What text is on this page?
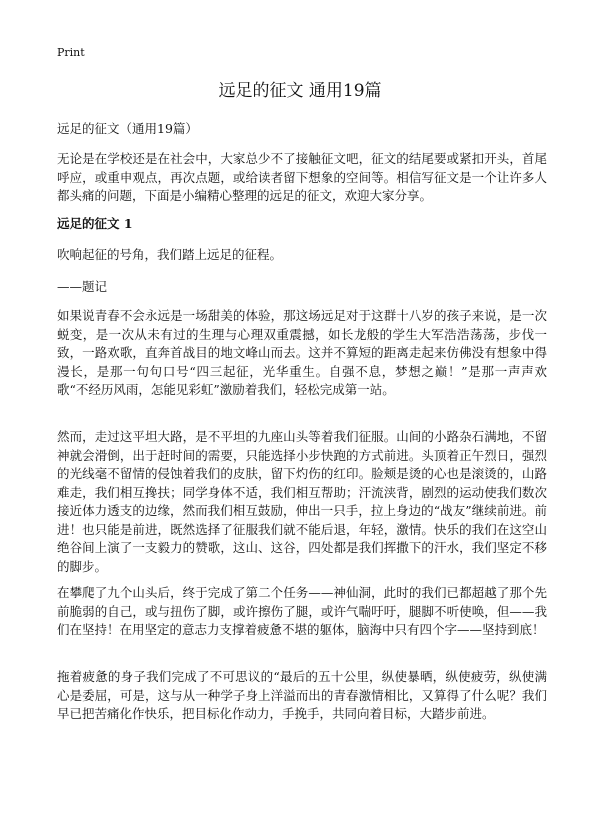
Print
远足的征文 通用19篇

远足的征文（通用19篇）

无论是在学校还是在社会中，大家总少不了接触征文吧，征文的结尾要或紧扣开头，首尾呼应，或重申观点，再次点题，或给读者留下想象的空间等。相信写征文是一个让许多人都头痛的问题，下面是小编精心整理的远足的征文，欢迎大家分享。

远足的征文 1

吹响起征的号角，我们踏上远足的征程。

——题记

如果说青春不会永远是一场甜美的体验，那这场远足对于这群十八岁的孩子来说，是一次蜕变，是一次从未有过的生理与心理双重震撼，如长龙般的学生大军浩浩荡荡，步伐一致，一路欢歌，直奔首战目的地文峰山而去。这并不算短的距离走起来仿佛没有想象中得漫长，是那一句句口号“四三起征，光华重生。自强不息，梦想之巅！”是那一声声欢歌“不经历风雨，怎能见彩虹”激励着我们，轻松完成第一站。

然而，走过这平坦大路，是不平坦的九座山头等着我们征服。山间的小路杂石满地，不留神就会滑倒，出于赶时间的需要，只能选择小步快跑的方式前进。头顶着正午烈日，强烈的光线毫不留情的侵蚀着我们的皮肤，留下灼伤的红印。脸颊是烫的心也是滚烫的，山路难走，我们相互搀扶；同学身体不适，我们相互帮助；汗流浃背，剧烈的运动使我们数次接近体力透支的边缘，然而我们相互鼓励，伸出一只手，拉上身边的“战友”继续前进。前进！也只能是前进，既然选择了征服我们就不能后退，年轻，激情。快乐的我们在这空山绝谷间上演了一支毅力的赞歌，这山、这谷，四处都是我们挥撒下的汗水，我们坚定不移的脚步。

在攀爬了九个山头后，终于完成了第二个任务——神仙洞，此时的我们已都超越了那个先前脆弱的自己，或与扭伤了脚，或许擦伤了腿，或许气喘吁吁，腿脚不听使唤，但——我们在坚持！在用坚定的意志力支撑着疲惫不堪的躯体，脑海中只有四个字——坚持到底！

拖着疲惫的身子我们完成了不可思议的“最后的五十公里，纵使暴晒，纵使疲劳，纵使满心是委屈，可是，这与从一种学子身上洋溢而出的青春激情相比，又算得了什么呢？我们早已把苦痛化作快乐，把目标化作动力，手挽手，共同向着目标，大踏步前进。
